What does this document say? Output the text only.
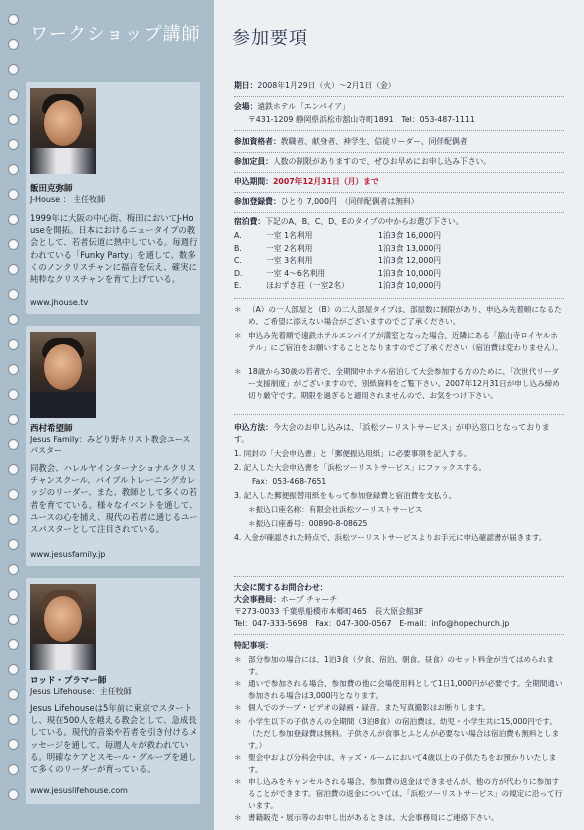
ワークショップ講師 参加要項
飯田克弥師
J-House ： 主任牧師
1999年に大阪の中心街、梅田においてJ-Houseを開拓。日本におけるニュータイプの教会として、若者伝道に熱中している。毎週行われている「Funky Party」を通して、数多くのノンクリスチャンに福音を伝え、確実に純粋なクリスチャンを育て上げている。
www.jhouse.tv
西村希望師
Jesus Family：みどり野キリスト教会ユースパスター
同教会、ハレルヤインターナショナルクリスチャンスクール、バイブルトレーニングカレッジのリーダー、また、教師として多くの若者を育てている。様々なイベントを通して、ユースの心を捕え、現代の若者に通じるユースパスターとして注目されている。
www.jesusfamily.jp
ロッド・プラマー師
Jesus Lifehouse：主任牧師
Jesus Lifehouseは5年前に東京でスタートし、現在500人を越える教会として、急成長している。現代的音楽や若者を引き付けるメッセージを通して、毎週人々が救われている。明確なケアとスモール・グループを通して多くのリーダーが育っている。
www.jesuslifehouse.com
期日：2008年1月29日（火）～2月1日（金）
会場：遠鉄ホテル「エンパイア」
〒431-1209 静岡県浜松市舘山寺町1891　Tel：053-487-1111
参加資格者：教職者、献身者、神学生、信徒リーダー、同伴配偶者
参加定員：人数の制限がありますので、ぜひお早めにお申し込み下さい。
申込期間：2007年12月31日（月）まで
参加登録費：ひとり 7,000円　（同伴配偶者は無料）
宿泊費：下記のA、B、C、D、Eのタイプの中からお選び下さい。
A.	一室 1名利用	1泊3食 16,000円
B.	一室 2名利用	1泊3食 13,000円
C.	一室 3名利用	1泊3食 12,000円
D.	一室 4～6名利用	1泊3食 10,000円
E.	ほおずき荘（一室2名）	1泊3食 10,000円
＊ （A）の一人部屋と（B）の二人部屋タイプは、部屋数に制限があり、申込み先着順になるため、ご希望に添えない場合がございますのでご了承ください。
＊ 申込み先着順で遠鉄ホテルエンパイアが満室となった場合、近隣にある「舘山寺ロイヤルホテル」にご宿泊をお願いすることとなりますのでご了承ください（宿泊費は変わりません）。
＊ 18歳から30歳の若者で、全期間中ホテル宿泊して大会参加する方のために、「次世代リーダー支援制度」がございますので、別紙資料をご覧下さい。2007年12月31日が申し込み締め切り厳守です。期限を過ぎると適用されませんので、お気をつけ下さい。
申込方法：今大会のお申し込みは、「浜松ツーリストサービス」が申込窓口となっております。
1. 同封の「大会申込書」と「郵便振込用紙」に必要事項を記入する。
2. 記入した大会申込書を「浜松ツーリストサービス」にファックスする。
Fax：053-468-7651
3. 記入した郵便振替用紙をもって参加登録費と宿泊費を支払う。
＊振込口座名称：有限会社浜松ツーリストサービス
＊振込口座番号：00890-8-08625
4. 入金が確認された時点で、浜松ツーリストサービスよりお手元に申込確認書が届きます。
大会に関するお問合わせ：
大会事務局：ホープ チャーチ
〒273-0033 千葉県船橋市本郷町465　長大原会館3F
Tel：047-333-5698　Fax：047-300-0567　E-mail：info@hopechurch.jp
特記事項：
＊ 部分参加の場合には、1泊3食（夕食、宿泊、朝食、昼食）のセット料金が当てはめられます。
＊ 通いで参加される場合、参加費の他に会場使用料として1日1,000円が必要です。全期間通い参加される場合は3,000円となります。
＊ 個人でのテープ・ビデオの録画・録音、また写真撮影はお断りします。
＊ 小学生以下の子供さんの全期間（3泊8食）の宿泊費は、幼児・小学生共に15,000円です。（ただし参加登録費は無料。子供さんが食事とふとんが必要ない場合は宿泊費も無料とします。）
＊ 聖会中および分科会中は、キッズ・ルームにおいて4歳以上の子供たちをお預かりいたします。
＊ 申し込みをキャンセルされる場合、参加費の返金はできませんが、他の方が代わりに参加することができます。宿泊費の返金については、「浜松ツーリストサービス」の規定に沿って行います。
＊ 書籍販売・展示等のお申し出があるときは、大会事務局にご連絡下さい。
